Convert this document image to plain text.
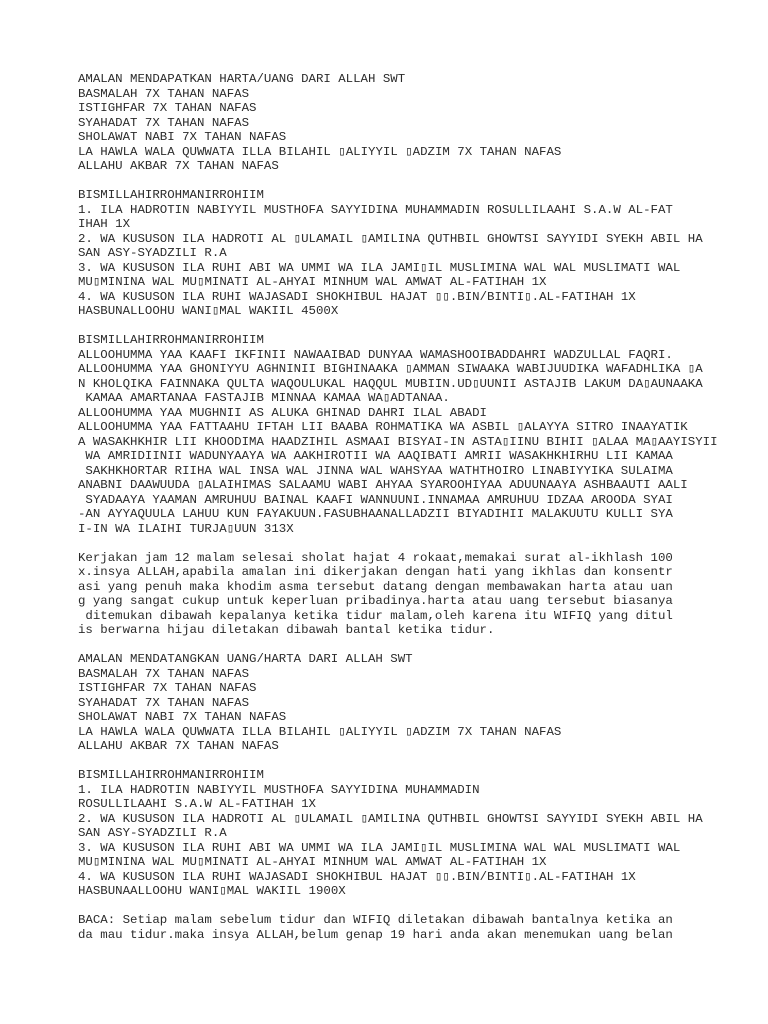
AMALAN MENDAPATKAN HARTA/UANG DARI ALLAH SWT
BASMALAH 7X TAHAN NAFAS
ISTIGHFAR 7X TAHAN NAFAS
SYAHADAT 7X TAHAN NAFAS
SHOLAWAT NABI 7X TAHAN NAFAS
LA HAWLA WALA QUWWATA ILLA BILAHIL ▯ALIYYIL ▯ADZIM 7X TAHAN NAFAS
ALLAHU AKBAR 7X TAHAN NAFAS
BISMILLAHIRROHMANIRROHIIM
1. ILA HADROTIN NABIYYIL MUSTHOFA SAYYIDINA MUHAMMADIN ROSULLILAAHI S.A.W AL-FAT
IHAH 1X
2. WA KUSUSON ILA HADROTI AL ▯ULAMAIL ▯AMILINA QUTHBIL GHOWTSI SAYYIDI SYEKH ABIL HA
SAN ASY-SYADZILI R.A
3. WA KUSUSON ILA RUHI ABI WA UMMI WA ILA JAMI▯IL MUSLIMINA WAL WAL MUSLIMATI WAL
MU▯MININA WAL MU▯MINATI AL-AHYAI MINHUM WAL AMWAT AL-FATIHAH 1X
4. WA KUSUSON ILA RUHI WAJASADI SHOKHIBUL HAJAT ▯▯.BIN/BINTI▯.AL-FATIHAH 1X
HASBUNALLOOHU WANI▯MAL WAKIIL 4500X
BISMILLAHIRROHMANIRROHIIM
ALLOOHUMMA YAA KAAFI IKFINII NAWAAIBAD DUNYAA WAMASHOOIBADDAHRI WADZULLAL FAQRI.
ALLOOHUMMA YAA GHONIYYU AGHNINII BIGHINAAKA ▯AMMAN SIWAAKA WABIJUUDIKA WAFADHLIKA ▯A
N KHOLQIKA FAINNAKA QULTA WAQOULUKAL HAQQUL MUBIIN.UD▯UUNII ASTAJIB LAKUM DA▯AUNAAKA
KAMAA AMARTANAA FASTAJIB MINNAA KAMAA WA▯ADTANAA.
ALLOOHUMMA YAA MUGHNII AS ALUKA GHINAD DAHRI ILAL ABADI
ALLOOHUMMA YAA FATTAAHU IFTAH LII BAABA ROHMATIKA WA ASBIL ▯ALAYYA SITRO INAAYATIK
A WASAKHKHIR LII KHOODIMA HAADZIHIL ASMAAI BISYAI-IN ASTA▯IINU BIHII ▯ALAA MA▯AAYISYII
WA AMRIDIINII WADUNYAAYA WA AAKHIROTII WA AAQIBATI AMRII WASAKHKHIRHU LII KAMAA
SAKHKHORTAR RIIHA WAL INSA WAL JINNA WAL WAHSYAA WATHTHOIRO LINABIYYIKA SULAIMA
ANABNI DAAWUUDA ▯ALAIHIMAS SALAAMU WABI AHYAA SYAROOHIYAA ADUUNAAYA ASHBAAUTI AALI
SYADAAYA YAAMAN AMRUHUU BAINAL KAAFI WANNUUNI.INNAMAA AMRUHUU IDZAA AROODA SYAI
-AN AYYAQUULA LAHUU KUN FAYAKUUN.FASUBHAANALLADZII BIYADIHII MALAKUUTU KULLI SYA
I-IN WA ILAIHI TURJA▯UUN 313X
Kerjakan jam 12 malam selesai sholat hajat 4 rokaat,memakai surat al-ikhlash 100
x.insya ALLAH,apabila amalan ini dikerjakan dengan hati yang ikhlas dan konsentr
asi yang penuh maka khodim asma tersebut datang dengan membawakan harta atau uan
g yang sangat cukup untuk keperluan pribadinya.harta atau uang tersebut biasanya
ditemukan dibawah kepalanya ketika tidur malam,oleh karena itu WIFIQ yang ditul
is berwarna hijau diletakan dibawah bantal ketika tidur.
AMALAN MENDATANGKAN UANG/HARTA DARI ALLAH SWT
BASMALAH 7X TAHAN NAFAS
ISTIGHFAR 7X TAHAN NAFAS
SYAHADAT 7X TAHAN NAFAS
SHOLAWAT NABI 7X TAHAN NAFAS
LA HAWLA WALA QUWWATA ILLA BILAHIL ▯ALIYYIL ▯ADZIM 7X TAHAN NAFAS
ALLAHU AKBAR 7X TAHAN NAFAS
BISMILLAHIRROHMANIRROHIIM
1. ILA HADROTIN NABIYYIL MUSTHOFA SAYYIDINA MUHAMMADIN
ROSULLILAAHI S.A.W AL-FATIHAH 1X
2. WA KUSUSON ILA HADROTI AL ▯ULAMAIL ▯AMILINA QUTHBIL GHOWTSI SAYYIDI SYEKH ABIL HA
SAN ASY-SYADZILI R.A
3. WA KUSUSON ILA RUHI ABI WA UMMI WA ILA JAMI▯IL MUSLIMINA WAL WAL MUSLIMATI WAL
MU▯MININA WAL MU▯MINATI AL-AHYAI MINHUM WAL AMWAT AL-FATIHAH 1X
4. WA KUSUSON ILA RUHI WAJASADI SHOKHIBUL HAJAT ▯▯.BIN/BINTI▯.AL-FATIHAH 1X
HASBUNAALLOOHU WANI▯MAL WAKIIL 1900X
BACA: Setiap malam sebelum tidur dan WIFIQ diletakan dibawah bantalnya ketika an
da mau tidur.maka insya ALLAH,belum genap 19 hari anda akan menemukan uang belan
